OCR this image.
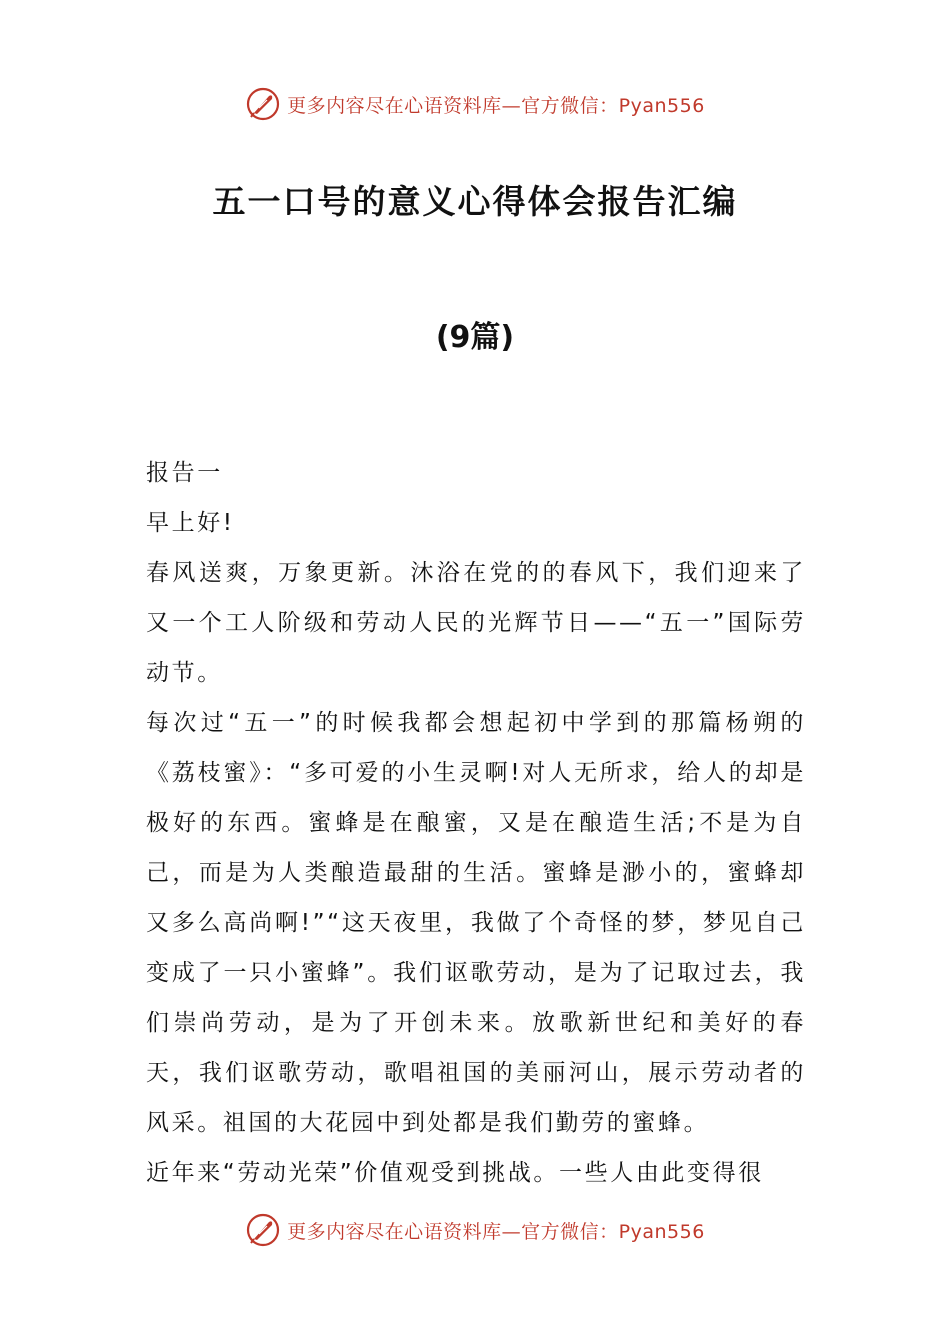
更多内容尽在心语资料库—官方微信：Pyan556
五一口号的意义心得体会报告汇编
(9篇)

报告一

早上好!

春风送爽，万象更新。沐浴在党的的春风下，我们迎来了又一个工人阶级和劳动人民的光辉节日——“五一”国际劳动节。

每次过“五一”的时候我都会想起初中学到的那篇杨朔的《荔枝蜜》：“多可爱的小生灵啊!对人无所求，给人的却是极好的东西。蜜蜂是在酿蜜，又是在酿造生活;不是为自己，而是为人类酿造最甜的生活。蜜蜂是渺小的，蜜蜂却又多么高尚啊!”“这天夜里，我做了个奇怪的梦，梦见自己变成了一只小蜜蜂”。我们讴歌劳动，是为了记取过去，我们崇尚劳动，是为了开创未来。放歌新世纪和美好的春天，我们讴歌劳动，歌唱祖国的美丽河山，展示劳动者的风采。祖国的大花园中到处都是我们勤劳的蜜蜂。

近年来“劳动光荣”价值观受到挑战。一些人由此变得很

更多内容尽在心语资料库—官方微信：Pyan556
